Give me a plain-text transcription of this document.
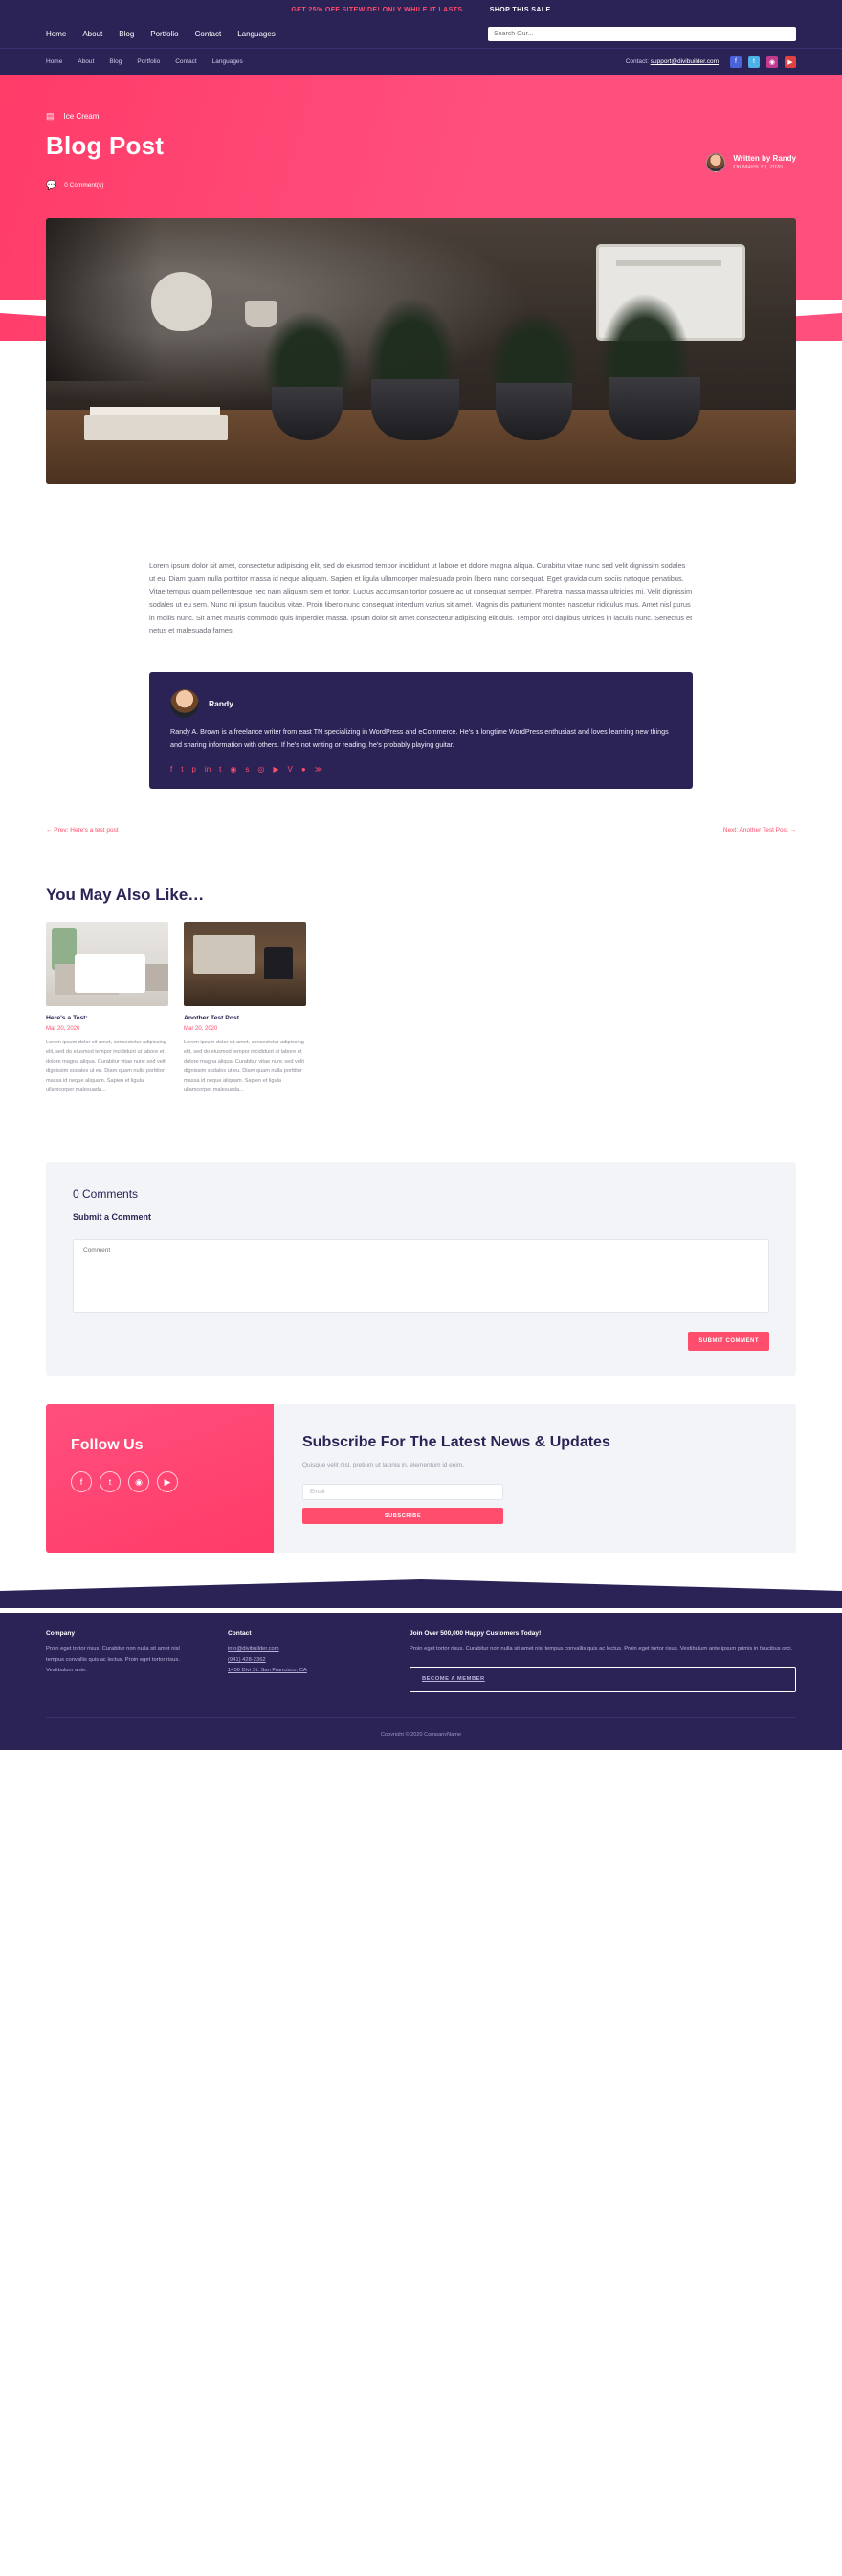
GET 25% OFF SITEWIDE! ONLY WHILE IT LASTS.	SHOP THIS SALE
Home About Blog Portfolio Contact Languages
Search Our...
Home About Blog Portfolio Contact Languages	Contact: support@divibuilder.com	f	t	◉	▶
▤ Ice Cream
Blog Post
💬 0 Comment(s)
Written by Randy
On March 20, 2020

Lorem ipsum dolor sit amet, consectetur adipiscing elit, sed do eiusmod tempor incididunt ut labore et dolore magna aliqua. Curabitur vitae nunc sed velit dignissim sodales ut eu. Diam quam nulla porttitor massa id neque aliquam. Sapien et ligula ullamcorper malesuada proin libero nunc consequat. Eget gravida cum sociis natoque penatibus. Vitae tempus quam pellentesque nec nam aliquam sem et tortor. Luctus accumsan tortor posuere ac ut consequat semper. Pharetra massa massa ultricies mi. Velit dignissim sodales ut eu sem. Nunc mi ipsum faucibus vitae. Proin libero nunc consequat interdum varius sit amet. Magnis dis parturient montes nascetur ridiculus mus. Amet nisl purus in mollis nunc. Sit amet mauris commodo quis imperdiet massa. Ipsum dolor sit amet consectetur adipiscing elit duis. Tempor orci dapibus ultrices in iaculis nunc. Senectus et netus et malesuada fames.

Randy
Randy A. Brown is a freelance writer from east TN specializing in WordPress and eCommerce. He's a longtime WordPress enthusiast and loves learning new things and sharing information with others. If he's not writing or reading, he's probably playing guitar.
f t p in t ◉ s ◎ ▶ V ● ≫
← Prev: Here's a test post	Next: Another Test Post →
You May Also Like…
Here's a Test:
Mar 20, 2020
Lorem ipsum dolor sit amet, consectetur adipiscing elit, sed do eiusmod tempor incididunt ut labore et dolore magna aliqua. Curabitur vitae nunc sed velit dignissim sodales ut eu. Diam quam nulla porttitor massa id neque aliquam. Sapien et ligula ullamcorper malesuada...
Another Test Post
Mar 20, 2020
Lorem ipsum dolor sit amet, consectetur adipiscing elit, sed do eiusmod tempor incididunt ut labore et dolore magna aliqua. Curabitur vitae nunc sed velit dignissim sodales ut eu. Diam quam nulla porttitor massa id neque aliquam. Sapien et ligula ullamcorper malesuada...
0 Comments
Submit a Comment
Comment
SUBMIT COMMENT
Follow Us
f	t	◉	▶
Subscribe For The Latest News & Updates

Quisque velit nisl, pretium ut lacinia in, elementum id enim.

Email
SUBSCRIBE
Company

Proin eget tortor risus. Curabitur non nulla sit amet nisl tempus convallis quis ac lectus. Proin eget tortor risus. Vestibulum ante.

Contact
info@divibuilder.com
(941) 428-2362
1456 Divi St. San Francisco, CA
Join Over 500,000 Happy Customers Today!

Proin eget tortor risus. Curabitur non nulla sit amet nisl tempus convallis quis ac lectus. Proin eget tortor risus. Vestibulum ante ipsum primis in faucibus orci.

BECOME A MEMBER
Copyright © 2020 CompanyName
